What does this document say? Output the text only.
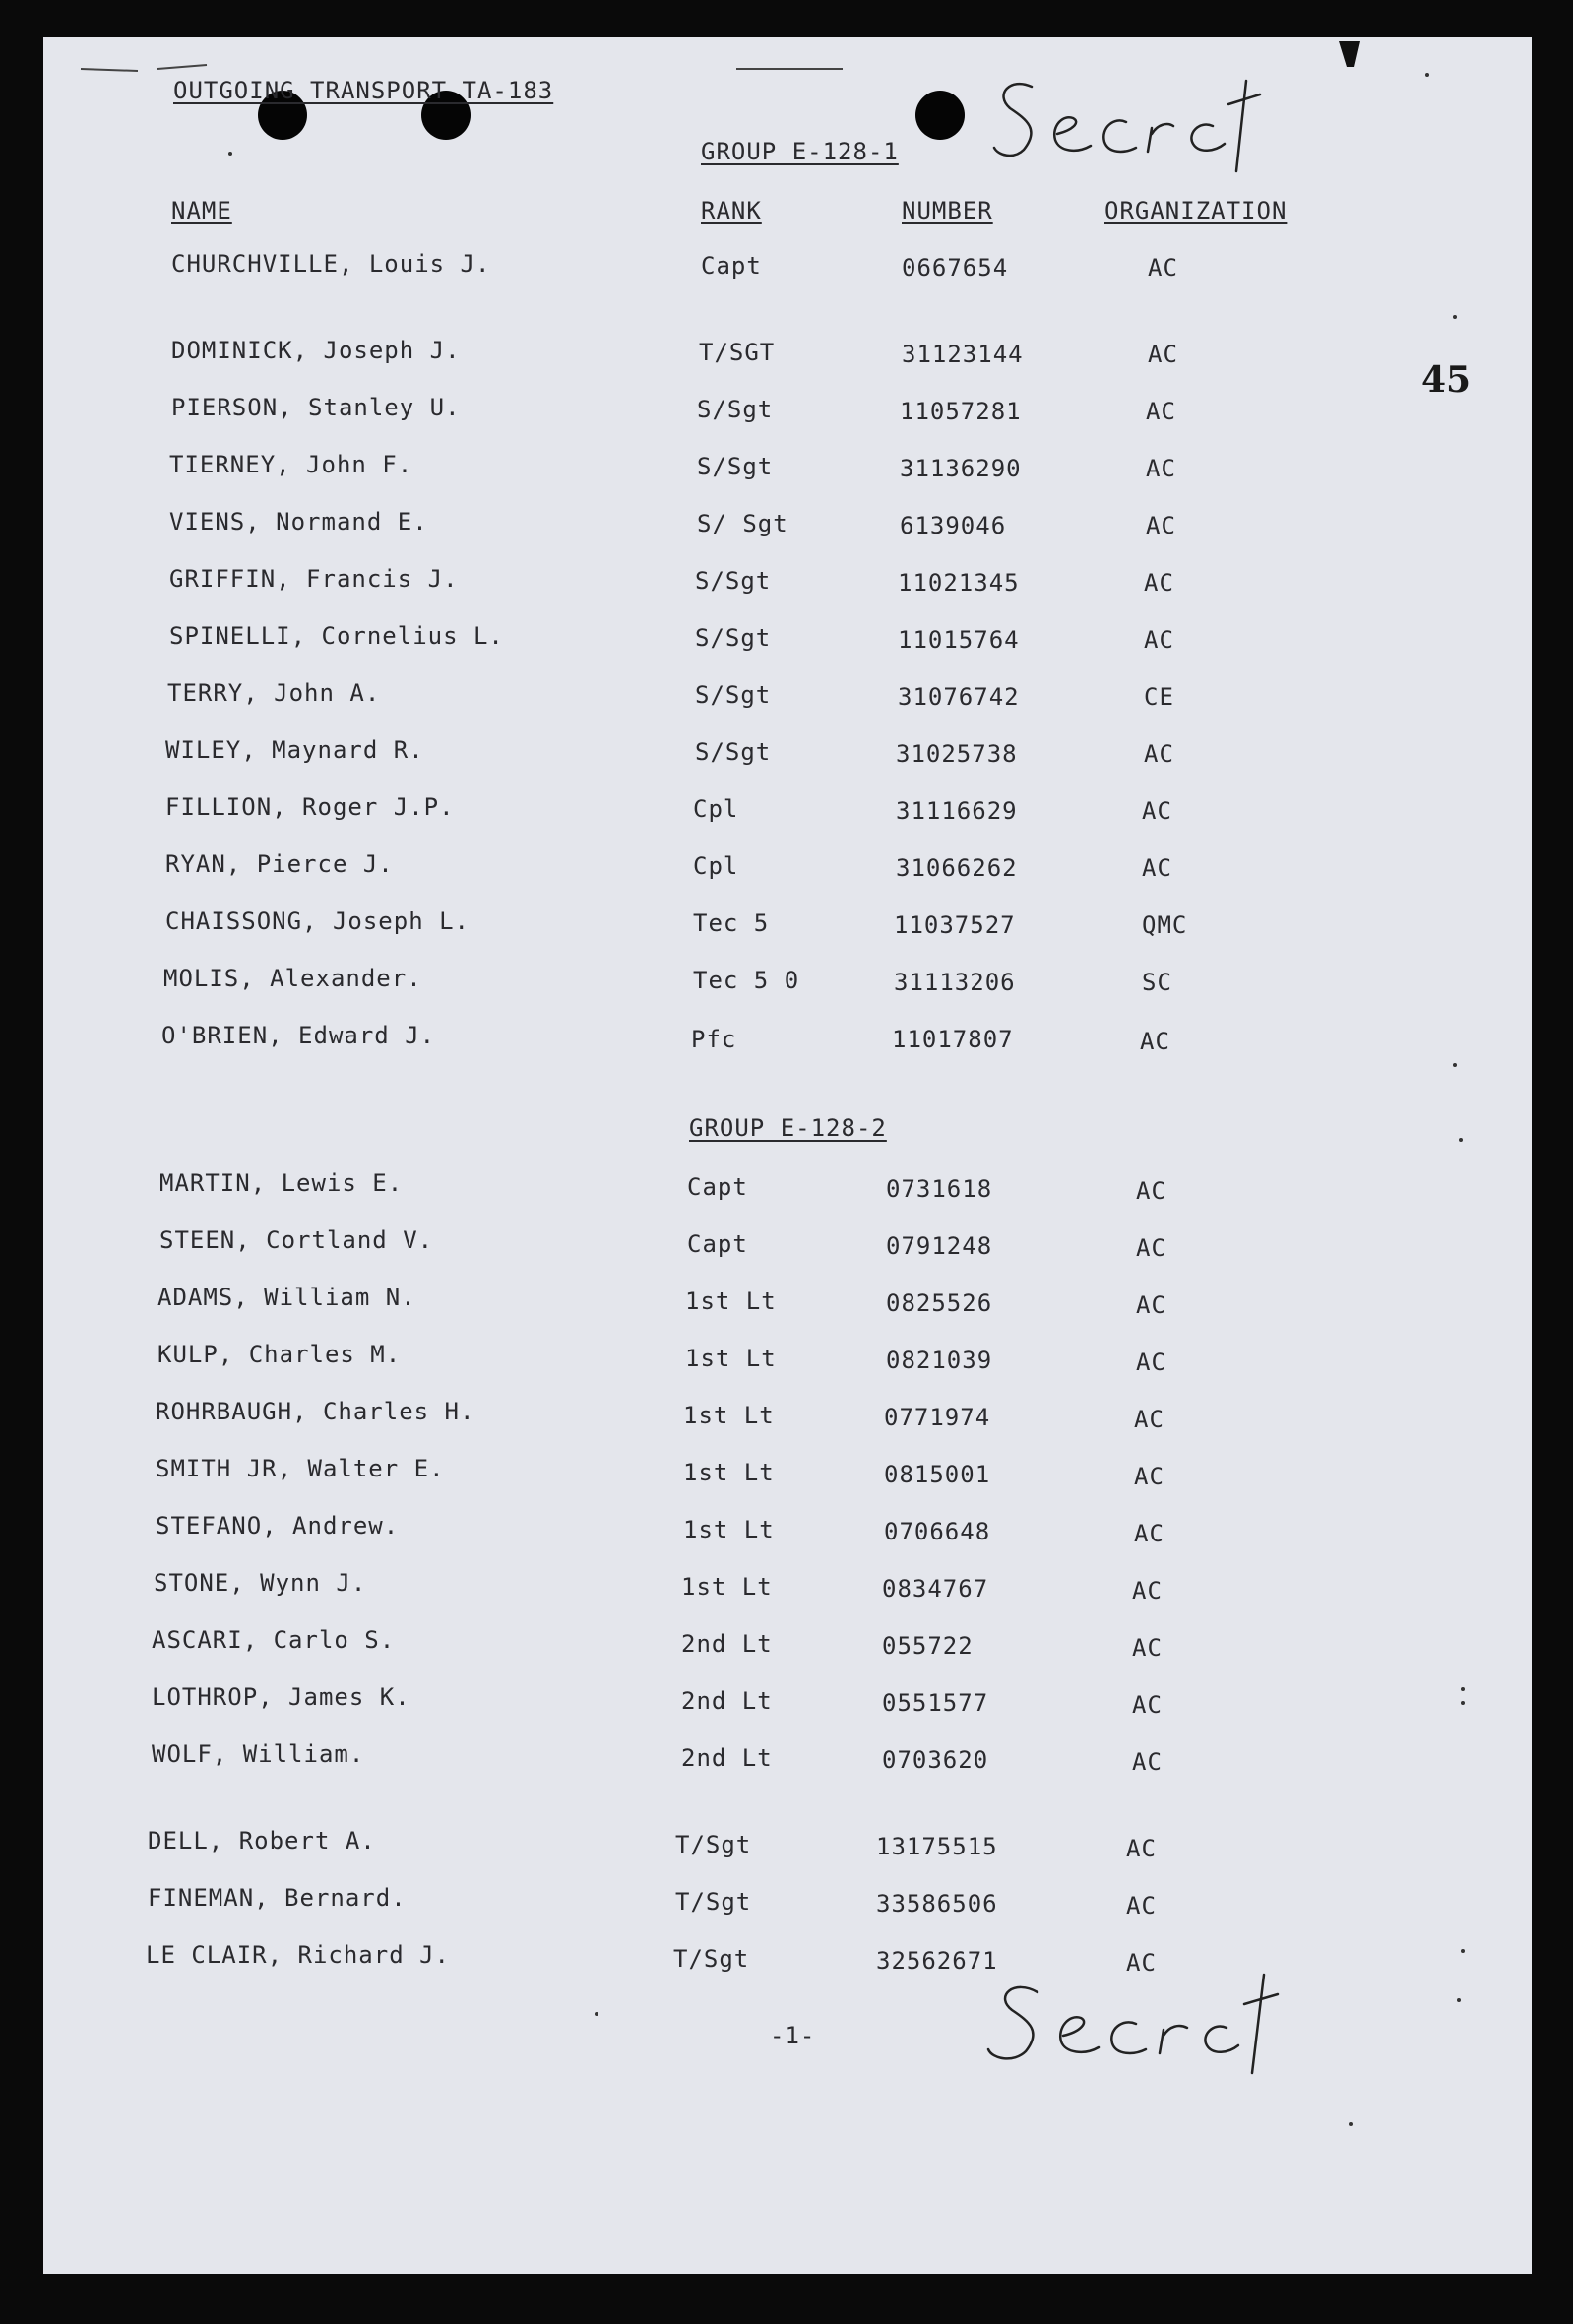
OUTGOING TRANSPORT TA-183
45
GROUP E-128-1
NAME	RANK	NUMBER	ORGANIZATION
CHURCHVILLE, Louis J.	Capt	0667654	AC
DOMINICK, Joseph J.	T/SGT	31123144	AC
PIERSON, Stanley U.	S/Sgt	11057281	AC
TIERNEY, John F.	S/Sgt	31136290	AC
VIENS, Normand E.	S/ Sgt	6139046	AC
GRIFFIN, Francis J.	S/Sgt	11021345	AC
SPINELLI, Cornelius L.	S/Sgt	11015764	AC
TERRY, John A.	S/Sgt	31076742	CE
WILEY, Maynard R.	S/Sgt	31025738	AC
FILLION, Roger J.P.	Cpl	31116629	AC
RYAN, Pierce J.	Cpl	31066262	AC
CHAISSONG, Joseph L.	Tec 5	11037527	QMC
MOLIS, Alexander.	Tec 5 0	31113206	SC
O'BRIEN, Edward J.	Pfc	11017807	AC
GROUP E-128-2
MARTIN, Lewis E.	Capt	0731618	AC
STEEN, Cortland V.	Capt	0791248	AC
ADAMS, William N.	1st Lt	0825526	AC
KULP, Charles M.	1st Lt	0821039	AC
ROHRBAUGH, Charles H.	1st Lt	0771974	AC
SMITH JR, Walter E.	1st Lt	0815001	AC
STEFANO, Andrew.	1st Lt	0706648	AC
STONE, Wynn J.	1st Lt	0834767	AC
ASCARI, Carlo S.	2nd Lt	055722	AC
LOTHROP, James K.	2nd Lt	0551577	AC
WOLF, William.	2nd Lt	0703620	AC
DELL, Robert A.	T/Sgt	13175515	AC
FINEMAN, Bernard.	T/Sgt	33586506	AC
LE CLAIR, Richard J.	T/Sgt	32562671	AC
-1-
